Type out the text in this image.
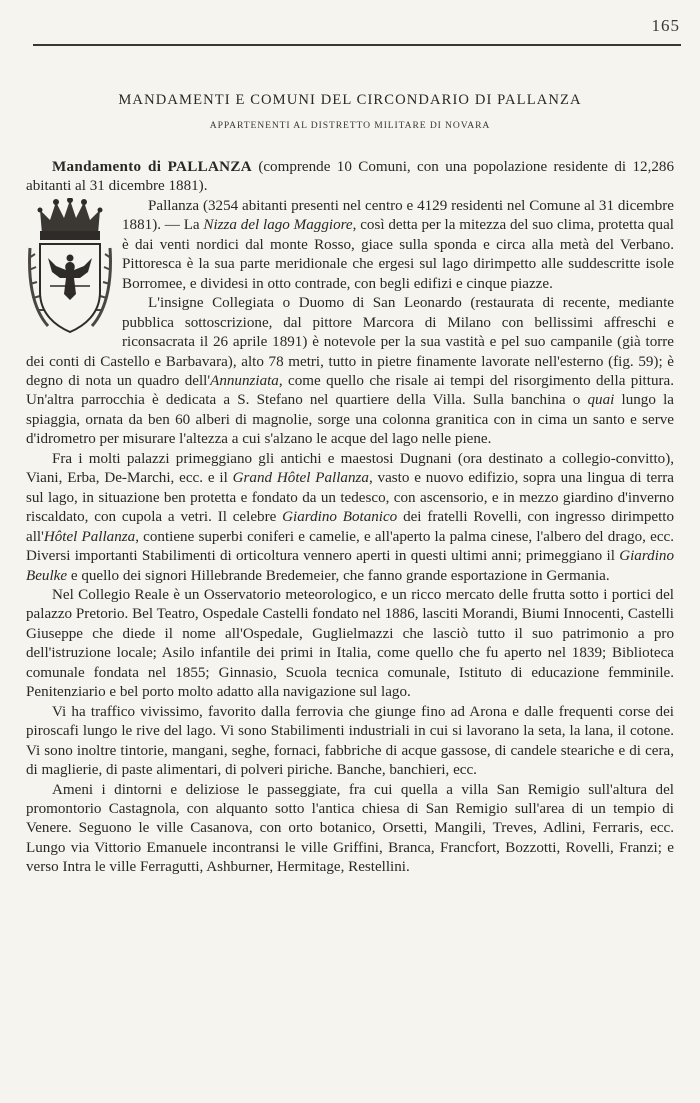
165
MANDAMENTI E COMUNI DEL CIRCONDARIO DI PALLANZA
APPARTENENTI AL DISTRETTO MILITARE DI NOVARA

Mandamento di PALLANZA (comprende 10 Comuni, con una popolazione residente di 12,286 abitanti al 31 dicembre 1881).

Pallanza (3254 abitanti presenti nel centro e 4129 residenti nel Comune al 31 dicembre 1881). — La Nizza del lago Maggiore, così detta per la mitezza del suo clima, protetta qual è dai venti nordici dal monte Rosso, giace sulla sponda e circa alla metà del Verbano. Pittoresca è la sua parte meridionale che ergesi sul lago dirimpetto alle suddescritte isole Borromee, e dividesi in otto contrade, con begli edifizi e cinque piazze.

L'insigne Collegiata o Duomo di San Leonardo (restaurata di recente, mediante pubblica sottoscrizione, dal pittore Marcora di Milano con bellissimi affreschi e riconsacrata il 26 aprile 1891) è notevole per la sua vastità e pel suo campanile (già torre dei conti di Castello e Barbavara), alto 78 metri, tutto in pietre finamente lavorate nell'esterno (fig. 59); è degno di nota un quadro dell'Annunziata, come quello che risale ai tempi del risorgimento della pittura. Un'altra parrocchia è dedicata a S. Stefano nel quartiere della Villa. Sulla banchina o quai lungo la spiaggia, ornata da ben 60 alberi di magnolie, sorge una colonna granitica con in cima un santo e serve d'idrometro per misurare l'altezza a cui s'alzano le acque del lago nelle piene.

Fra i molti palazzi primeggiano gli antichi e maestosi Dugnani (ora destinato a collegio-convitto), Viani, Erba, De-Marchi, ecc. e il Grand Hôtel Pallanza, vasto e nuovo edifizio, sopra una lingua di terra sul lago, in situazione ben protetta e fondato da un tedesco, con ascensorio, e in mezzo giardino d'inverno riscaldato, con cupola a vetri. Il celebre Giardino Botanico dei fratelli Rovelli, con ingresso dirimpetto all'Hôtel Pallanza, contiene superbi coniferi e camelie, e all'aperto la palma cinese, l'albero del drago, ecc. Diversi importanti Stabilimenti di orticoltura vennero aperti in questi ultimi anni; primeggiano il Giardino Beulke e quello dei signori Hillebrande Bredemeier, che fanno grande esportazione in Germania.

Nel Collegio Reale è un Osservatorio meteorologico, e un ricco mercato delle frutta sotto i portici del palazzo Pretorio. Bel Teatro, Ospedale Castelli fondato nel 1886, lasciti Morandi, Biumi Innocenti, Castelli Giuseppe che diede il nome all'Ospedale, Guglielmazzi che lasciò tutto il suo patrimonio a pro dell'istruzione locale; Asilo infantile dei primi in Italia, come quello che fu aperto nel 1839; Biblioteca comunale fondata nel 1855; Ginnasio, Scuola tecnica comunale, Istituto di educazione femminile. Penitenziario e bel porto molto adatto alla navigazione sul lago.

Vi ha traffico vivissimo, favorito dalla ferrovia che giunge fino ad Arona e dalle frequenti corse dei piroscafi lungo le rive del lago. Vi sono Stabilimenti industriali in cui si lavorano la seta, la lana, il cotone. Vi sono inoltre tintorie, mangani, seghe, fornaci, fabbriche di acque gassose, di candele steariche e di cera, di maglierie, di paste alimentari, di polveri piriche. Banche, banchieri, ecc.

Ameni i dintorni e deliziose le passeggiate, fra cui quella a villa San Remigio sull'altura del promontorio Castagnola, con alquanto sotto l'antica chiesa di San Remigio sull'area di un tempio di Venere. Seguono le ville Casanova, con orto botanico, Orsetti, Mangili, Treves, Adlini, Ferraris, ecc. Lungo via Vittorio Emanuele incontransi le ville Griffini, Branca, Francfort, Bozzotti, Rovelli, Franzi; e verso Intra le ville Ferragutti, Ashburner, Hermitage, Restellini.
